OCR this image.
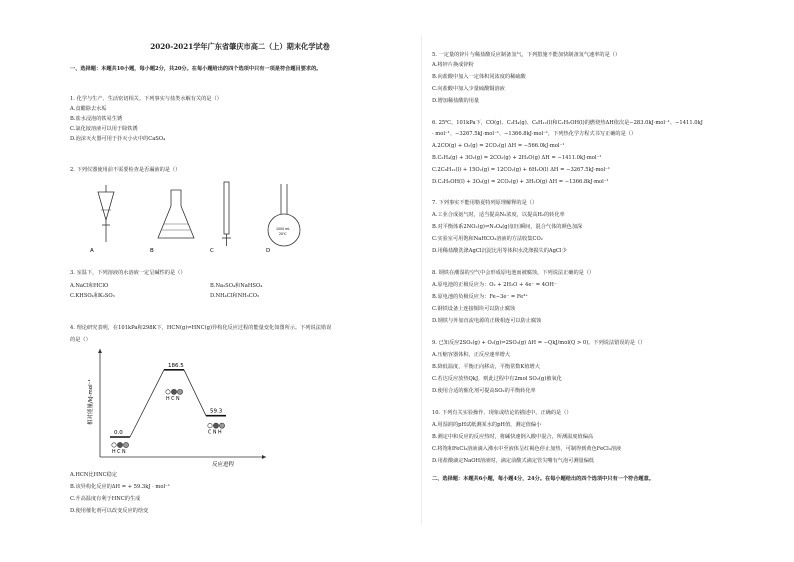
2020-2021学年广东省肇庆市高二（上）期末化学试卷
一、选择题：本题共10小题，每小题2分，共20分。在每小题给出的四个选项中只有一项是符合题目要求的。
1. 化学与生产、生活密切相关。下列事实与盐类水解有关的是（）
A.食醋除去水垢
B.盐水浸泡的铁易生锈
C.氯化铵溶液可以用于除铁锈
D.泡沫灭火器可用于扑灭小火中的CaSO₄
2. 下列仪器使用前不需要检查是否漏液的是（）
A	B	C
1000 mL
20℃
D
3. 室温下，下列溶液的水溶液一定呈碱性的是（）
A.NaCl和HClO	B.Na₂SO₄和NaHSO₄
C.KHSO₄和K₂SO₃	D.NH₄Cl和NH₃CO₃
4. 理论研究表明，在101kPa和298K下，HCN(g)⇌HNC(g)异构化反应过程的能量变化如图所示。下列说法错误
的是（）
相对能量/kJ·mol⁻¹
反应进程
0.0
186.5
59.3
H C N
H C N
C N H
A.HCN比HNC稳定
B.该异构化反应的ΔH = + 59.3kJ · mol⁻¹
C.升高温度有利于HNC的生成
D.使用催化剂可以改变反应的焓变
5. 一定量的锌片与稀盐酸反应制备氢气，下列措施不能加快制备氢气速率的是（）
A.将锌片换成锌粉
B.向盐酸中加入一定体积同浓度的稀硫酸
C.向盐酸中加入少量硫酸铜溶液
D.增加稀盐酸的用量
6. 25℃、101kPa下，CO(g)、C₂H₄(g)、C₆H₁₂(l)和C₂H₅OH(l)的燃烧热ΔH依次是−283.0kJ·mol⁻¹、−1411.0kJ
· mol⁻¹、−3267.5kJ·mol⁻¹、−1366.8kJ·mol⁻¹，下列热化学方程式书写正确的是（）
A.2CO(g) + O₂(g) = 2CO₂(g) ΔH = −566.0kJ·mol⁻¹
B.C₂H₄(g) + 3O₂(g) = 2CO₂(g) + 2H₂O(g) ΔH = −1411.0kJ·mol⁻¹
C.2C₆H₁₂(l) + 15O₂(g) = 12CO₂(g) + 6H₂O(l) ΔH = −3267.5kJ·mol⁻¹
D.C₂H₅OH(l) + 3O₂(g) = 2CO₂(g) + 3H₂O(g) ΔH = −1366.8kJ·mol⁻¹
7. 下列事实不能用勒夏特列原理解释的是（）
A.工业合成氨气时，适当提高N₂浓度，以提高H₂的转化率
B.对平衡体系2NO₂(g)⇌N₂O₄(g)加压瞬间，混合气体的颜色加深
C.实验室可用饱和NaHCO₃溶液的方法收集CO₂
D.用稀盐酸洗涤AgCl沉淀比用等体积水洗涤损失的AgCl少
8. 钢铁在潮湿的空气中会形成原电池而被腐蚀，下列说法正确的是（）
A.原电池的正极反应为：O₂ + 2H₂O + 4e⁻ = 4OH⁻
B.原电池的负极反应为：Fe−3e⁻ = Fe³⁺
C.钢铁设备上连接铜块可以防止腐蚀
D.钢铁与外加直流电源的正极相连可以防止腐蚀
9. 已知反应2SO₂(g) + O₂(g)⇌2SO₃(g) ΔH = −QkJ/mol(Q > 0)。下列说法错误的是（）
A.压缩容器体积，正反应速率增大
B.降低温度，平衡正向移动，平衡常数K值增大
C.若达反应放热QkJ，则此过程中有2mol SO₂(g)被氧化
D.使用合适的催化剂可提高SO₂的平衡转化率
10. 下列有关实验操作、现象或结论的描述中，正确的是（）
A.用湿润的pH试纸测某水的pH值，测定值偏小
B.测定中和反应的反应热时，将碱快速倒入酸中混合，所测温度值偏高
C.将饱和FeCl₃溶液滴入沸水中至液体呈红褐色停止加热，可制得到黄色FeCl₃溶液
D.用盐酸滴定NaOH溶液时，滴定前酸式滴定管尖嘴有气泡可测量偏低
二、选择题：本题共6小题，每小题4分，24分。在每小题给出的四个选项中只有一个符合题意。
